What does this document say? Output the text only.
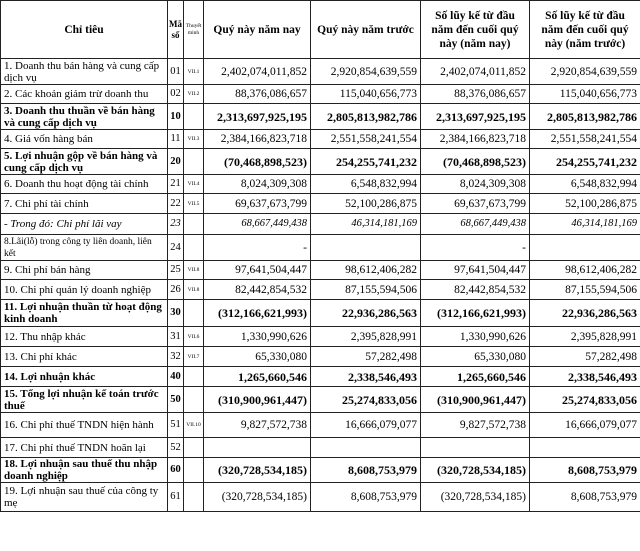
Chỉ tiêu	Mã số	Thuyết minh	Quý này năm nay	Quý này năm trước	Số lũy kế từ đầu năm đến cuối quý này (năm nay)	Số lũy kế từ đầu năm đến cuối quý này (năm trước)
1. Doanh thu bán hàng và cung cấp dịch vụ	01	VII.1	2,402,074,011,852	2,920,854,639,559	2,402,074,011,852	2,920,854,639,559
2. Các khoản giảm trừ doanh thu	02	VII.2	88,376,086,657	115,040,656,773	88,376,086,657	115,040,656,773
3. Doanh thu thuần về bán hàng và cung cấp dịch vụ	10		2,313,697,925,195	2,805,813,982,786	2,313,697,925,195	2,805,813,982,786
4. Giá vốn hàng bán	11	VII.3	2,384,166,823,718	2,551,558,241,554	2,384,166,823,718	2,551,558,241,554
5. Lợi nhuận gộp về bán hàng và cung cấp dịch vụ	20		(70,468,898,523)	254,255,741,232	(70,468,898,523)	254,255,741,232
6. Doanh thu hoạt động tài chính	21	VII.4	8,024,309,308	6,548,832,994	8,024,309,308	6,548,832,994
7. Chi phí tài chính	22	VII.5	69,637,673,799	52,100,286,875	69,637,673,799	52,100,286,875
- Trong đó: Chi phí lãi vay	23		68,667,449,438	46,314,181,169	68,667,449,438	46,314,181,169
8.Lãi(lỗ) trong công ty liên doanh, liên kết	24		-		-	
9. Chi phí bán hàng	25	VII.8	97,641,504,447	98,612,406,282	97,641,504,447	98,612,406,282
10. Chi phí quản lý doanh nghiệp	26	VII.8	82,442,854,532	87,155,594,506	82,442,854,532	87,155,594,506
11. Lợi nhuận thuần từ hoạt động kinh doanh	30		(312,166,621,993)	22,936,286,563	(312,166,621,993)	22,936,286,563
12. Thu nhập khác	31	VII.6	1,330,990,626	2,395,828,991	1,330,990,626	2,395,828,991
13. Chi phí khác	32	VII.7	65,330,080	57,282,498	65,330,080	57,282,498
14. Lợi nhuận khác	40		1,265,660,546	2,338,546,493	1,265,660,546	2,338,546,493
15. Tổng lợi nhuận kế toán trước thuế	50		(310,900,961,447)	25,274,833,056	(310,900,961,447)	25,274,833,056
16. Chi phí thuế TNDN hiện hành	51	VII.10	9,827,572,738	16,666,079,077	9,827,572,738	16,666,079,077
17. Chi phí thuế TNDN hoãn lại	52					
18. Lợi nhuận sau thuế thu nhập doanh nghiệp	60		(320,728,534,185)	8,608,753,979	(320,728,534,185)	8,608,753,979
19. Lợi nhuận sau thuế của công ty mẹ	61		(320,728,534,185)	8,608,753,979	(320,728,534,185)	8,608,753,979
